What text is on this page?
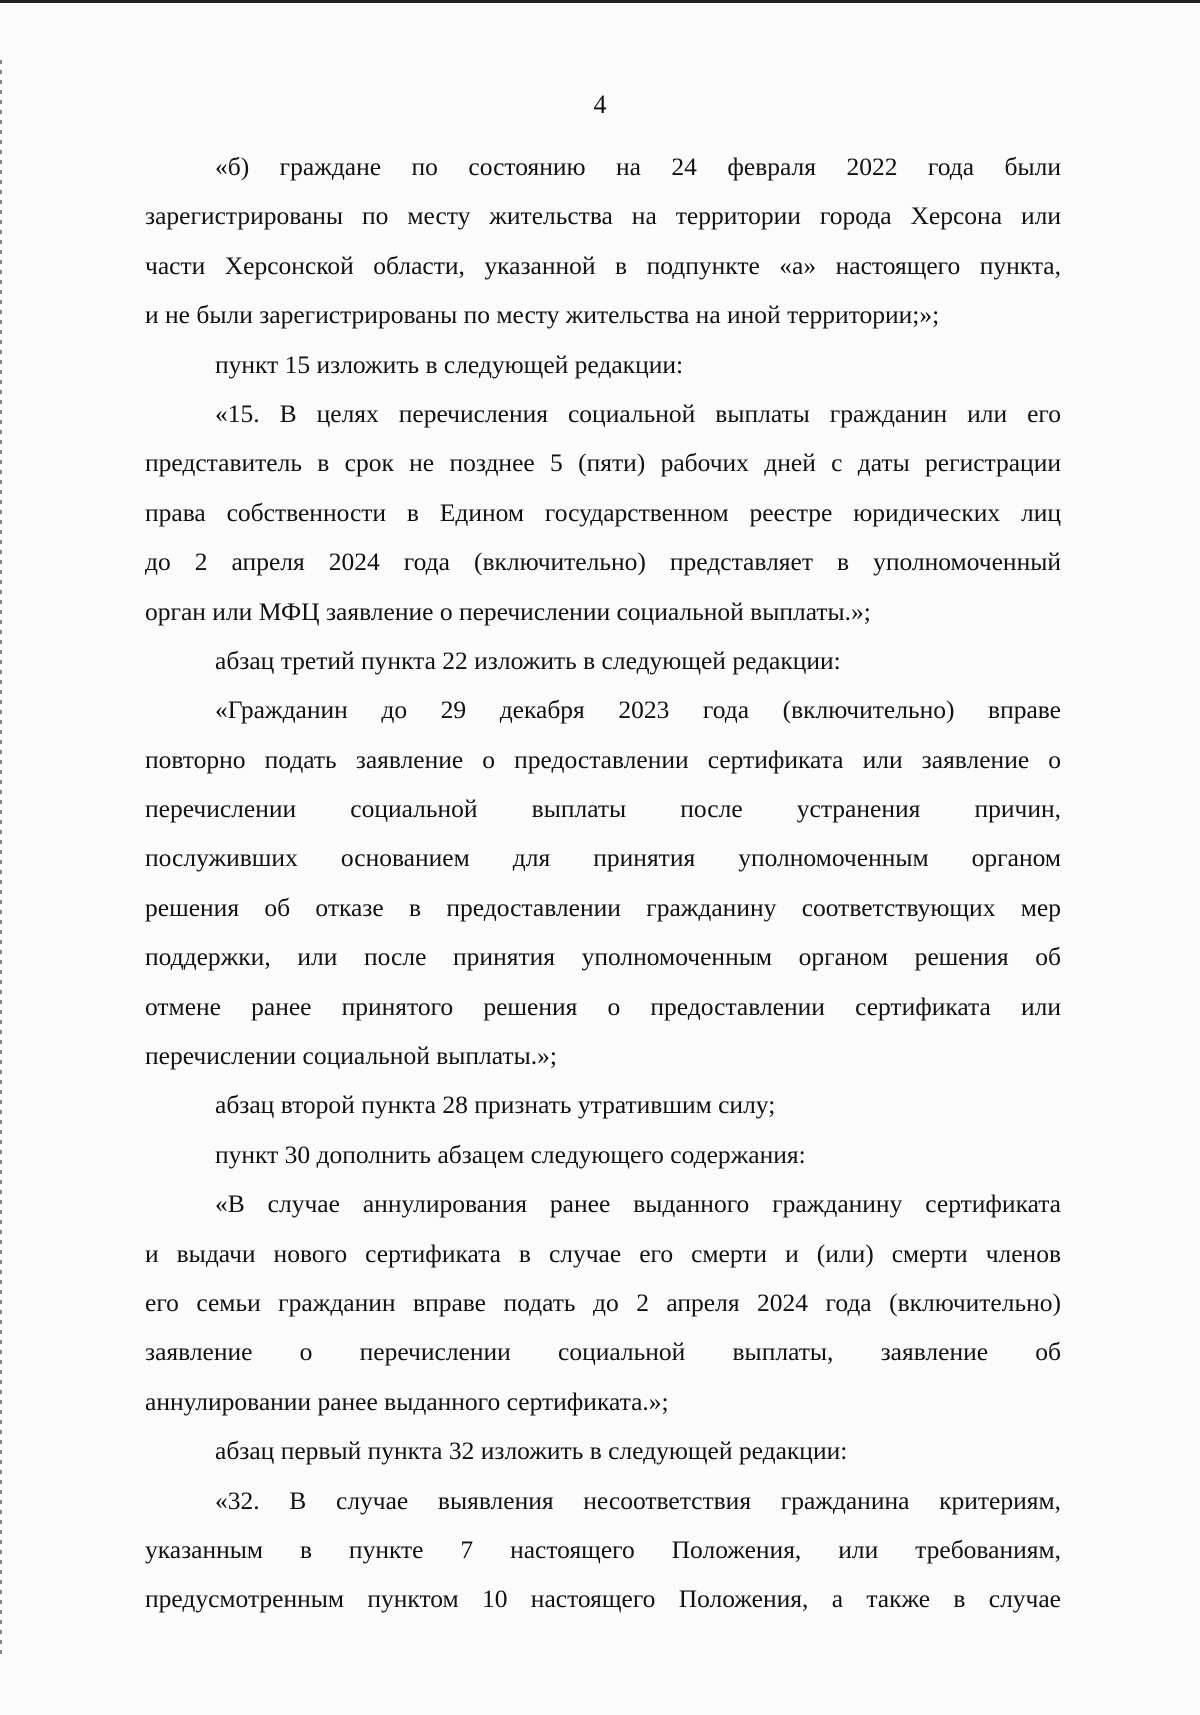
4
«б) граждане по состоянию на 24 февраля 2022 года были
зарегистрированы по месту жительства на территории города Херсона или
части Херсонской области, указанной в подпункте «а» настоящего пункта,
и не были зарегистрированы по месту жительства на иной территории;»;
пункт 15 изложить в следующей редакции:
«15. В целях перечисления социальной выплаты гражданин или его
представитель в срок не позднее 5 (пяти) рабочих дней с даты регистрации
права собственности в Едином государственном реестре юридических лиц
до 2 апреля 2024 года (включительно) представляет в уполномоченный
орган или МФЦ заявление о перечислении социальной выплаты.»;
абзац третий пункта 22 изложить в следующей редакции:
«Гражданин до 29 декабря 2023 года (включительно) вправе
повторно подать заявление о предоставлении сертификата или заявление о
перечислении социальной выплаты после устранения причин,
послуживших основанием для принятия уполномоченным органом
решения об отказе в предоставлении гражданину соответствующих мер
поддержки, или после принятия уполномоченным органом решения об
отмене ранее принятого решения о предоставлении сертификата или
перечислении социальной выплаты.»;
абзац второй пункта 28 признать утратившим силу;
пункт 30 дополнить абзацем следующего содержания:
«В случае аннулирования ранее выданного гражданину сертификата
и выдачи нового сертификата в случае его смерти и (или) смерти членов
его семьи гражданин вправе подать до 2 апреля 2024 года (включительно)
заявление о перечислении социальной выплаты, заявление об
аннулировании ранее выданного сертификата.»;
абзац первый пункта 32 изложить в следующей редакции:
«32. В случае выявления несоответствия гражданина критериям,
указанным в пункте 7 настоящего Положения, или требованиям,
предусмотренным пунктом 10 настоящего Положения, а также в случае
